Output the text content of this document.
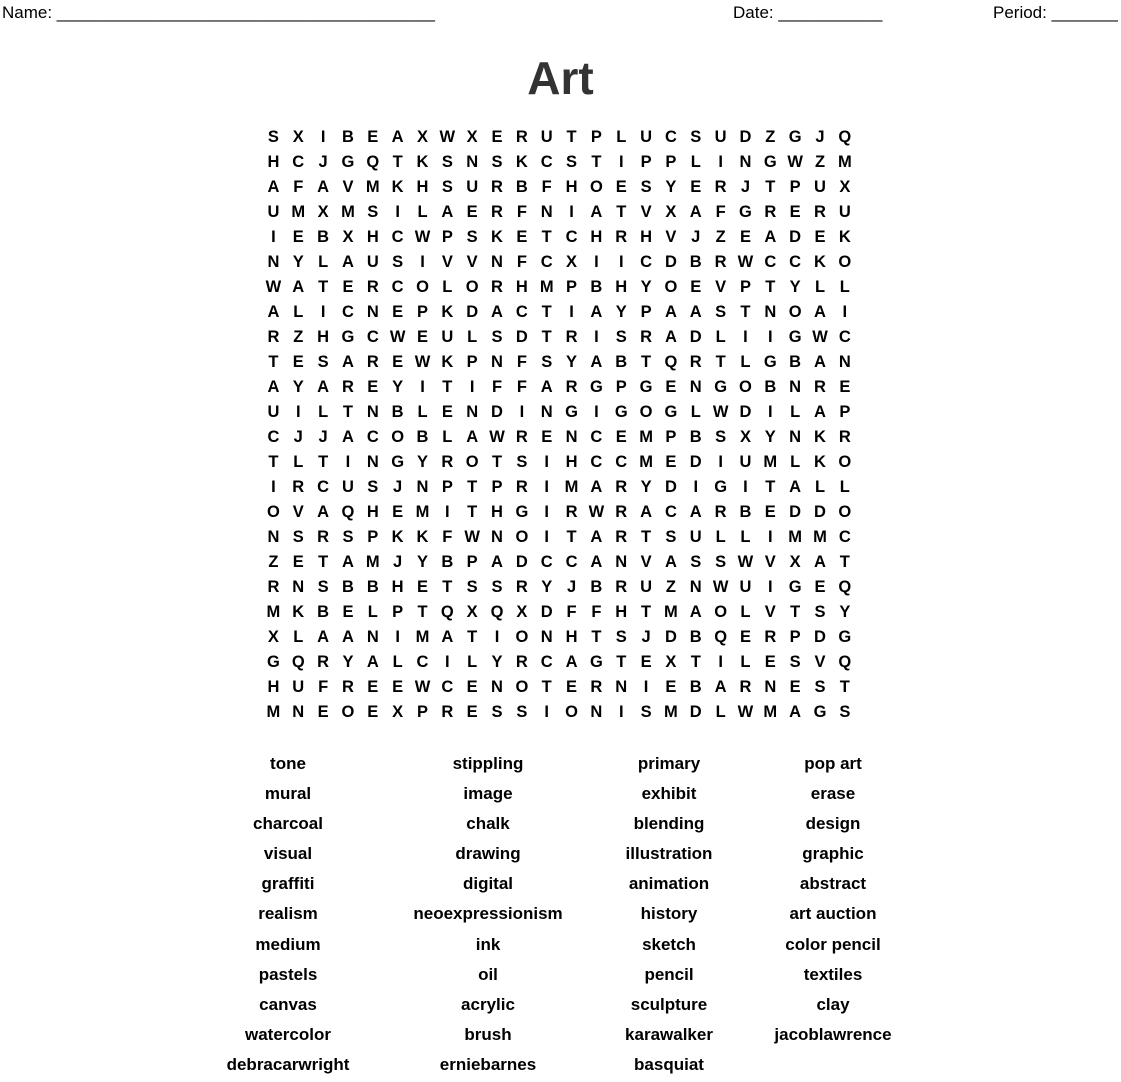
Name: ________________________________________	Date: ___________	Period: _______
Art
S X	I	B E A X W X E R U T P L U C S U D Z G J Q
H C J G Q T K S N S K C S T	I	P P L	I	N G W Z M
A F A V M K H S U R B F H O E S Y E R J T P U X
U M X M S	I	L A E R F N	I	A T V X A F G R E R U
I	E B X H C W P S K E T C H R H V J Z E A D E K
N Y L A U S	I	V V N F C X	I	I	C D B R W C C K O
W A T E R C O L O R H M P B H Y O E V P T Y L L
A L	I	C N E P K D A C T	I	A Y P A A S T N O A	I
R Z H G C W E U L S D T R	I	S R A D L	I	I G W C
T E S A R E W K P N F S Y A B T Q R T L G B A N
A Y A R E Y	I	T	I	F F A R G P G E N G O B N R E
U	I	L T N B L E N D	I	N G I G O G L W D	I	L A P
C J J A C O B L A W R E N C E M P B S X Y N K R
T L T	I	N G Y R O T S	I	H C C M E D	I	U M L K O
I	R C U S J N P T P R	I M A R Y D	I G I	T A L L
O V A Q H E M I	T H G I	R W R A C A R B E D D O
N S R S P K K F W N O I	T A R T S U L L	I M M C
Z E T A M J Y B P A D C C A N V A S S W V X A T
R N S B B H E T S S R Y J B R U Z N W U	I G E Q
M K B E L P T Q X Q X D F F H T M A O L V T S Y
X L A A N	I M A T	I O N H T S J D B Q E R P D G
G Q R Y A L C	I	L Y R C A G T E X T	I	L E S V Q
H U F R E E W C E N O T E R N	I	E B A R N E S T
M N E O E X P R E S S	I O N	I	S M D L W M A G S
tone
mural
charcoal
visual
graffiti
realism
medium
pastels
canvas
watercolor
debracarwright
stippling
image
chalk
drawing
digital
neoexpressionism
ink
oil
acrylic
brush
erniebarnes
primary
exhibit
blending
illustration
animation
history
sketch
pencil
sculpture
karawalker
basquiat
pop art
erase
design
graphic
abstract
art auction
color pencil
textiles
clay
jacoblawrence
